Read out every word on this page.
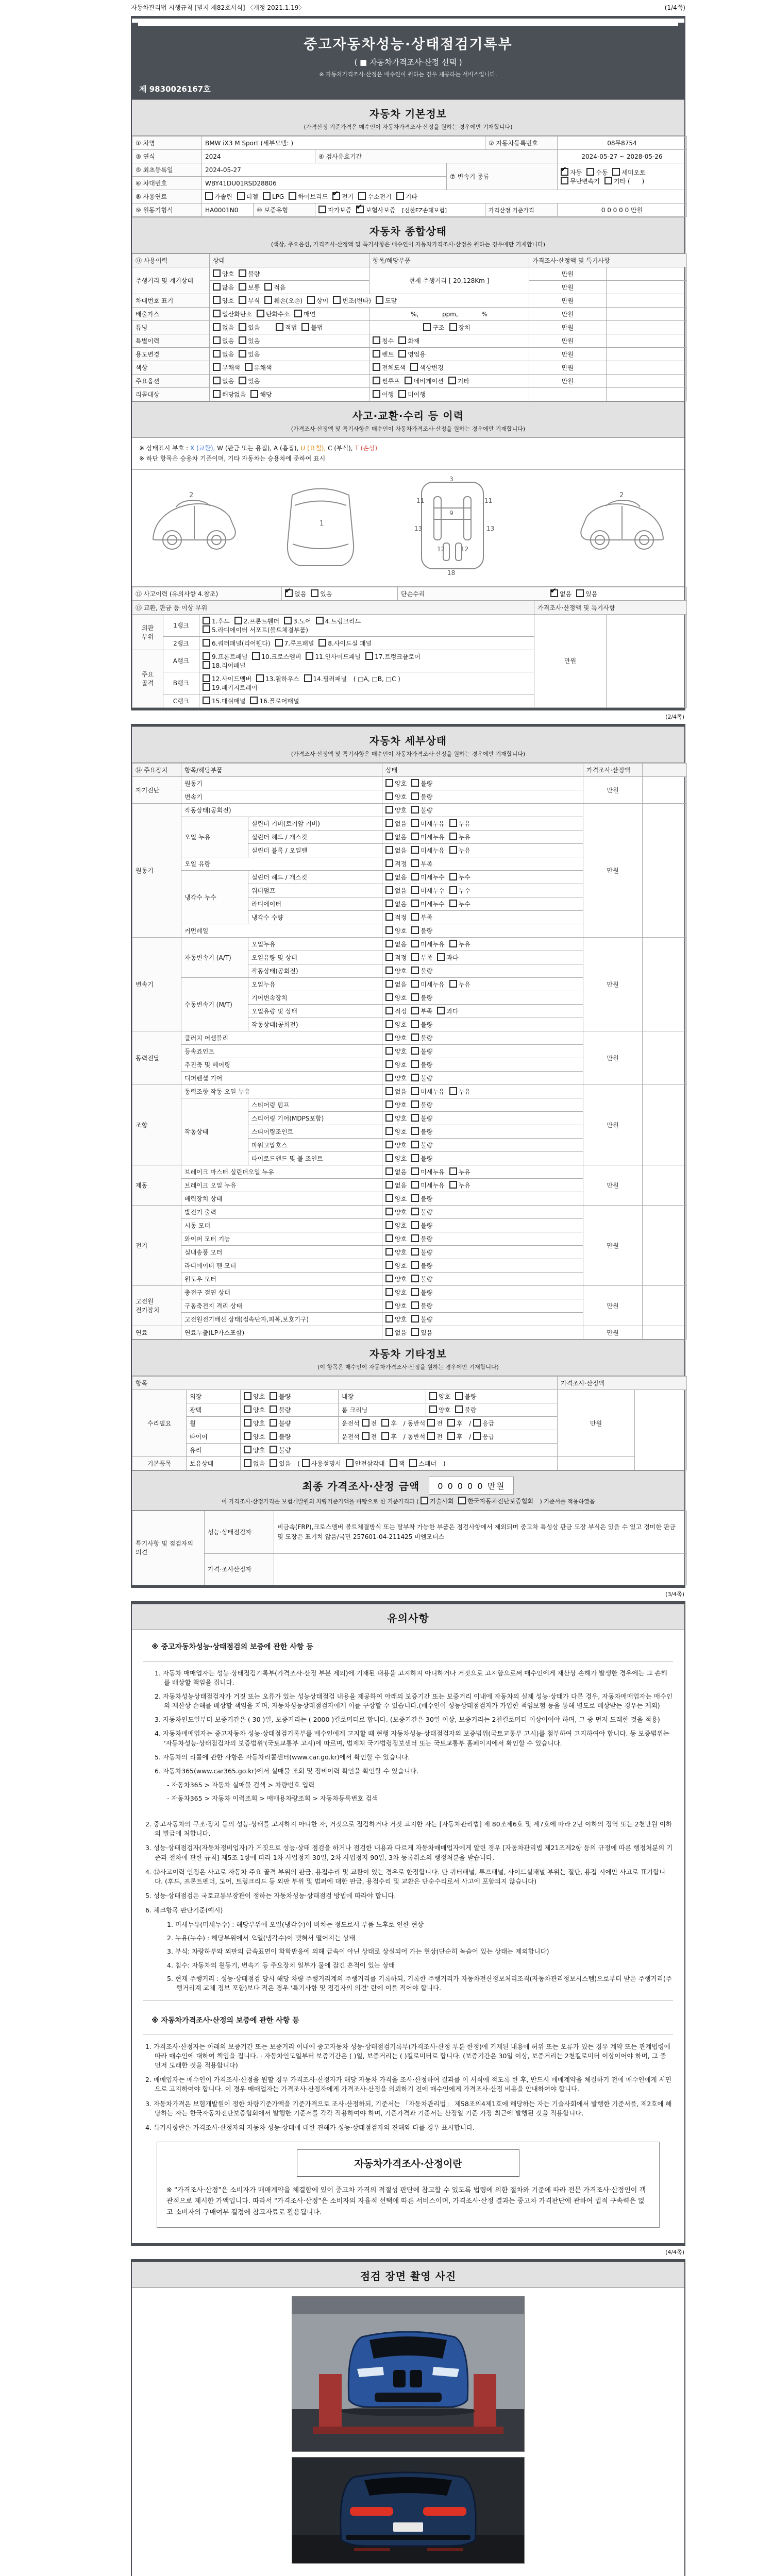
자동차관리법 시행규칙 [별지 제82호서식] 〈개정 2021.1.19〉	(1/4쪽)
중고자동차성능·상태점검기록부
( ■ 자동차가격조사·산정 선택 )
※ 자동차가격조사·산정은 매수인이 원하는 경우 제공하는 서비스입니다.
제 9830026167호
자동차 기본정보
(가격산정 기준가격은 매수인이 자동차가격조사·산정을 원하는 경우에만 기재합니다)
① 차명	BMW iX3 M Sport (세부모델: )				② 자동차등록번호	08무8754
③ 연식	2024		④ 검사유효기간			2024-05-27 ~ 2028-05-26
⑤ 최초등록일	2024-05-27			⑦ 변속기 종류	
✔자동 수동 세미오토
무단변속기 기타 (      )

⑥ 차대번호	WBY41DU01RSD28806					
⑧ 사용연료	가솔린 디젤 LPG 하이브리드 ✔ 전기 수소전기 기타
⑨ 원동기형식	HA0001N0	⑩ 보증유형	자가보증 ✔ 보험사보증 [신한EZ손해보험]		가격산정 기준가격	0 0 0 0 0 만원
자동차 종합상태
(색상, 주요옵션, 가격조사·산정액 및 특기사항은 매수인이 자동차가격조사·산정을 원하는 경우에만 기재합니다)
⑪ 사용이력	상태	항목/해당부품	가격조사·산정액 및 특기사항	
주행거리 및 계기상태	양호 불량	현재 주행거리 [ 20,128Km ]	만원	
	많음 보통 적음		만원	
차대번호 표기	양호 부식 훼손(오손) 상이 변조(변타) 도말		만원	
배출가스	일산화탄소 탄화수소 매연	%,            ppm,            %	만원	
튜닝	없음 있음 적법 불법	구조 장치	만원	
특별이력	없음 있음	침수 화재	만원	
용도변경	없음 있음	렌트 영업용	만원	
색상	무채색 유채색	전체도색 색상변경	만원	
주요옵션	없음 있음	썬루프 네비게이션 기타	만원	
리콜대상	해당없음 해당	이행 미이행		
사고·교환·수리 등 이력
(가격조사·산정액 및 특기사항은 매수인이 자동차가격조사·산정을 원하는 경우에만 기재합니다)
※ 상태표시 부호 : X (교환), W (판금 또는 용접), A (흠집), U (요철), C (부식), T (손상)
※ 하단 항목은 승용차 기준이며, 기타 자동차는 승용차에 준하여 표시
2
1
3
11	11
9
13	13
12	12
18
2
⑫ 사고이력 (유의사항 4.참조)	✔없음 있음	단순수리	✔없음 있음
⑬ 교환, 판금 등 이상 부위			가격조사·산정액 및 특기사항	
외판 부위	1랭크	1.후드 2.프론트휀더 3.도어 4.트렁크리드
5.라디에이터 서포트(볼트체결부품)	만원	
	2랭크	6.쿼터패널(리어휀다) 7.루프패널 8.사이드실 패널		
주요 골격	A랭크	9.프론트패널 10.크로스멤버 11.인사이드패널 17.트렁크플로어
18.리어패널		

	B랭크	12.사이드멤버 13.휠하우스 14.필러패널 ( □A, □B, □C )
19.패키지트레이		

	C랭크	15.대쉬패널 16.플로어패널		
(2/4쪽)
자동차 세부상태
(가격조사·산정액 및 특기사항은 매수인이 자동차가격조사·산정을 원하는 경우에만 기재합니다)
⑭ 주요장치	항목/해당부품		상태	가격조사·산정액	
자기진단	원동기		양호 불량	만원	
	변속기		양호 불량		
원동기	작동상태(공회전)		양호 불량	만원	
	오일 누유	실린더 커버(로커암 커버)	없음 미세누유 누유		
		실린더 헤드 / 개스킷	없음 미세누유 누유		
		실린더 블록 / 오일팬	없음 미세누유 누유		
	오일 유량		적정 부족		
	냉각수 누수	실린더 헤드 / 개스킷	없음 미세누수 누수		
		워터펌프	없음 미세누수 누수		
		라디에이터	없음 미세누수 누수		
		냉각수 수량	적정 부족		
	커먼레일		양호 불량		
변속기	자동변속기 (A/T)	오일누유	없음 미세누유 누유	만원	
		오일유량 및 상태	적정 부족 과다		
		작동상태(공회전)	양호 불량		
	수동변속기 (M/T)	오일누유	없음 미세누유 누유		
		기어변속장치	양호 불량		
		오일유량 및 상태	적정 부족 과다		
		작동상태(공회전)	양호 불량		
동력전달	클러치 어셈블리		양호 불량	만원	
	등속죠인트		양호 불량		
	추진축 및 베어링		양호 불량		
	디퍼렌셜 기어		양호 불량		
조향	동력조향 작동 오일 누유		없음 미세누유 누유	만원	
	작동상태	스티어링 펌프	양호 불량		
		스티어링 기어(MDPS포함)	양호 불량		
		스티어링조인트	양호 불량		
		파워고압호스	양호 불량		
		타이로드엔드 및 볼 조인트	양호 불량		
제동	브레이크 마스터 실린더오일 누유		없음 미세누유 누유	만원	
	브레이크 오일 누유		없음 미세누유 누유		
	배력장치 상태		양호 불량		
전기	발전기 출력		양호 불량	만원	
	시동 모터		양호 불량		
	와이퍼 모터 기능		양호 불량		
	실내송풍 모터		양호 불량		
	라디에이터 팬 모터		양호 불량		
	윈도우 모터		양호 불량		
고전원 전기장치	충전구 절연 상태		양호 불량	만원	
	구동축전지 격리 상태		양호 불량		
	고전원전기배선 상태(접속단자,피복,보호기구)		양호 불량		
연료	연료누출(LP가스포함)		없음 있음	만원	
자동차 기타정보
(이 항목은 매수인이 자동차가격조사·산정을 원하는 경우에만 기재합니다)
항목					가격조사·산정액	
수리필요	외장	양호 불량	내장	양호 불량	만원	
	광택	양호 불량	룸 크리닝	양호 불량		
	휠	양호 불량	운전석 전 후 / 동반석 전 후 / 응급			
	타이어	양호 불량	운전석 전 후 / 동반석 전 후 / 응급			
	유리	양호 불량				
기본품목	보유상태	없음 있음 ( 사용설명서 안전삼각대 잭 스패너 )				
최종 가격조사·산정 금액	0 0 0 0 0 만원
이 가격조사·산정가격은 보험개발원의 차량기준가액을 바탕으로 한 기준가격과 ( 기술사회 한국자동차진단보증협회 ) 기준서를 적용하였음
특기사항 및 점검자의 의견	성능·상태점검자	비금속(FRP),크로스멤버 볼트체결방식 또는 탈부착 가능한 부품은 점검사항에서 제외되며 중고차 특성상 판금 도장 부식은 있을 수 있고 경미한 판금 및 도장은 표기치 않음/국민 257601-04-211425 비엠모터스
	가격·조사산정자	
(3/4쪽)
유의사항
※ 중고자동차성능·상태점검의 보증에 관한 사항 등
1. 자동차 매매업자는 성능·상태점검기록부(가격조사·산정 부분 제외)에 기재된 내용을 고지하지 아니하거나 거짓으로 고지함으로써 매수인에게 재산상 손해가 발생한 경우에는 그 손해를 배상할 책임을 집니다.
2. 자동차성능상태점검자가 거짓 또는 오류가 있는 성능상태점검 내용을 제공하여 아래의 보증기간 또는 보증거리 이내에 자동차의 실제 성능·상태가 다른 경우, 자동차매매업자는 매수인의 재산상 손해를 배상할 책임을 지며, 자동차성능상태점검자에게 이를 구상할 수 있습니다.(매수인이 성능상태점검자가 가입한 책임보험 등을 통해 별도로 배상받는 경우는 제외)
3. 자동차인도일부터 보증기간은 ( 30 )일, 보증거리는 ( 2000 )킬로미터로 합니다. (보증기간은 30일 이상, 보증거리는 2천킬로미터 이상이어야 하며, 그 중 먼저 도래한 것을 적용)
4. 자동차매매업자는 중고자동차 성능·상태점검기록부를 매수인에게 고지할 때 현행 자동차성능·상태점검자의 보증범위(국토교통부 고시)를 첨부하여 고지하여야 합니다. 동 보증범위는 '자동차성능·상태점검자의 보증범위'(국토교통부 고시)에 따르며, 법제처 국가법령정보센터 또는 국토교통부 홈페이지에서 확인할 수 있습니다.
5. 자동차의 리콜에 관한 사항은 자동차리콜센터(www.car.go.kr)에서 확인할 수 있습니다.
6. 자동차365(www.car365.go.kr)에서 실매물 조회 및 정비이력 확인을 확인할 수 있습니다.
- 자동차365 > 자동차 실매물 검색 > 차량번호 입력
- 자동차365 > 자동차 이력조회 > 매매용차량조회 > 자동차등록번호 검색
2. 중고자동차의 구조·장치 등의 성능·상태를 고지하지 아니한 자, 거짓으로 점검하거나 거짓 고지한 자는 [자동차관리법] 제 80조제6호 및 제7호에 따라 2년 이하의 징역 또는 2천만원 이하의 벌금에 처합니다.
3. 성능·상태점검자(자동차정비업자)가 거짓으로 성능·상태 점검을 하거나 점검한 내용과 다르게 자동차매매업자에게 알린 경우 [자동차관리법 제21조제2항 등의 규정에 따른 행정처분의 기준과 절차에 관한 규칙] 제5조 1항에 따라 1차 사업정지 30일, 2차 사업정지 90일, 3차 등록취소의 행정처분을 받습니다.
4. ⑫사고이력 인정은 사고로 자동차 주요 골격 부위의 판금, 용접수리 및 교환이 있는 경우로 한정합니다. 단 쿼터패널, 루프패널, 사이드실패널 부위는 절단, 용접 시에만 사고로 표기합니다. (후드, 프론트펜더, 도어, 트렁크리드 등 외판 부위 및 범퍼에 대한 판금, 용접수리 및 교환은 단순수리로서 사고에 포함되지 않습니다)
5. 성능·상태점검은 국토교통부장관이 정하는 자동차성능·상태점검 방법에 따라야 합니다.
6. 체크항목 판단기준(예시)
1. 미세누유(미세누수) : 해당부위에 오일(냉각수)이 비치는 정도로서 부품 노후로 인한 현상
2. 누유(누수) : 해당부위에서 오일(냉각수)이 맺혀서 떨어지는 상태
3. 부식: 차량하부와 외판의 금속표면이 화학반응에 의해 금속이 아닌 상태로 상실되어 가는 현상(단순히 녹슬어 있는 상태는 제외합니다)
4. 침수: 자동차의 원동기, 변속기 등 주요장치 일부가 물에 잠긴 흔적이 있는 상태
5. 현재 주행거리 : 성능·상태점검 당시 해당 차량 주행거리계의 주행거리를 기록하되, 기록한 주행거리가 자동차전산정보처리조직(자동차관리정보시스템)으로부터 받은 주행거리(주행거리계 교체 정보 포함)보다 적은 경우 '특기사항 및 점검자의 의견' 란에 이를 적어야 합니다.
※ 자동차가격조사·산정의 보증에 관한 사항 등
1. 가격조사·산정자는 아래의 보증기간 또는 보증거리 이내에 중고자동차 성능·상태점검기록부(가격조사·산정 부분 한정)에 기재된 내용에 허위 또는 오류가 있는 경우 계약 또는 관계법령에 따라 매수인에 대하여 책임을 집니다. · 자동차인도일부터 보증기간은 ( )일, 보증거리는 ( )킬로미터로 합니다. (보증기간은 30일 이상, 보증거리는 2천킬로미터 이상이어야 하며, 그 중 먼저 도래한 것을 적용합니다)
2. 매매업자는 매수인이 가격조사·산정을 원할 경우 가격조사·산정자가 해당 자동차 가격을 조사·산정하여 결과를 이 서식에 적도록 한 후, 반드시 매매계약을 체결하기 전에 매수인에게 서면으로 고지하여야 합니다. 이 경우 매매업자는 가격조사·산정자에게 가격조사·산정을 의뢰하기 전에 매수인에게 가격조사·산정 비용을 안내하여야 합니다.
3. 자동차가격은 보험개발원이 정한 차량기준가액을 기준가격으로 조사·산정하되, 기준서는 「자동차관리법」 제58조의4제1호에 해당하는 자는 기술사회에서 발행한 기준서를, 제2호에 해당하는 자는 한국자동차진단보증협회에서 발행한 기준서를 각각 적용하여야 하며, 기준가격과 기준서는 산정일 기준 가장 최근에 발행된 것을 적용합니다.
4. 특기사항란은 가격조사·산정자의 자동차 성능·상태에 대한 견해가 성능·상태점검자의 견해와 다를 경우 표시합니다.
자동차가격조사·산정이란
※ "가격조사·산정"은 소비자가 매매계약을 체결함에 있어 중고차 가격의 적절성 판단에 참고할 수 있도록 법령에 의한 절차와 기준에 따라 전문 가격조사·산정인이 객관적으로 제시한 가액입니다. 따라서 "가격조사·산정"은 소비자의 자율적 선택에 따른 서비스이며, 가격조사·산정 결과는 중고차 가격판단에 관하여 법적 구속력은 없고 소비자의 구매여부 결정에 참고자료로 활용됩니다.
(4/4쪽)
점검 장면 촬영 사진
